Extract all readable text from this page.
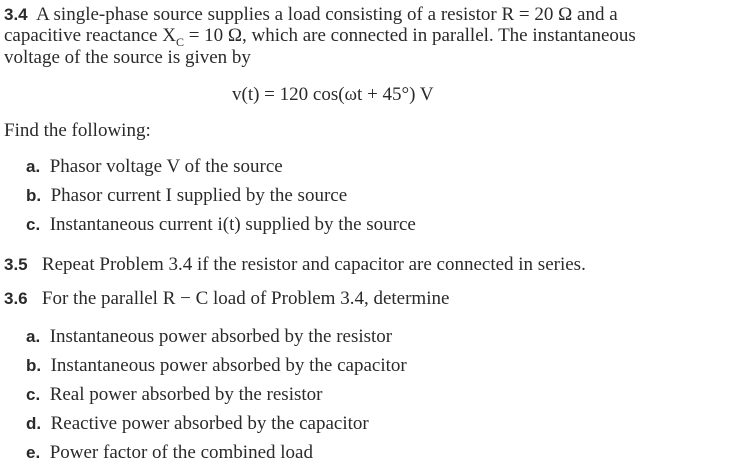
3.4 A single-phase source supplies a load consisting of a resistor R = 20 Ω and a
capacitive reactance $X_C = 10$ Ω, which are connected in parallel. The instantaneous
voltage of the source is given by
v(t) = 120 cos(ωt + 45°) V
Find the following:
a. Phasor voltage V of the source
b. Phasor current I supplied by the source
c. Instantaneous current i(t) supplied by the source
3.5 Repeat Problem 3.4 if the resistor and capacitor are connected in series.
3.6 For the parallel R − C load of Problem 3.4, determine
a. Instantaneous power absorbed by the resistor
b. Instantaneous power absorbed by the capacitor
c. Real power absorbed by the resistor
d. Reactive power absorbed by the capacitor
e. Power factor of the combined load
